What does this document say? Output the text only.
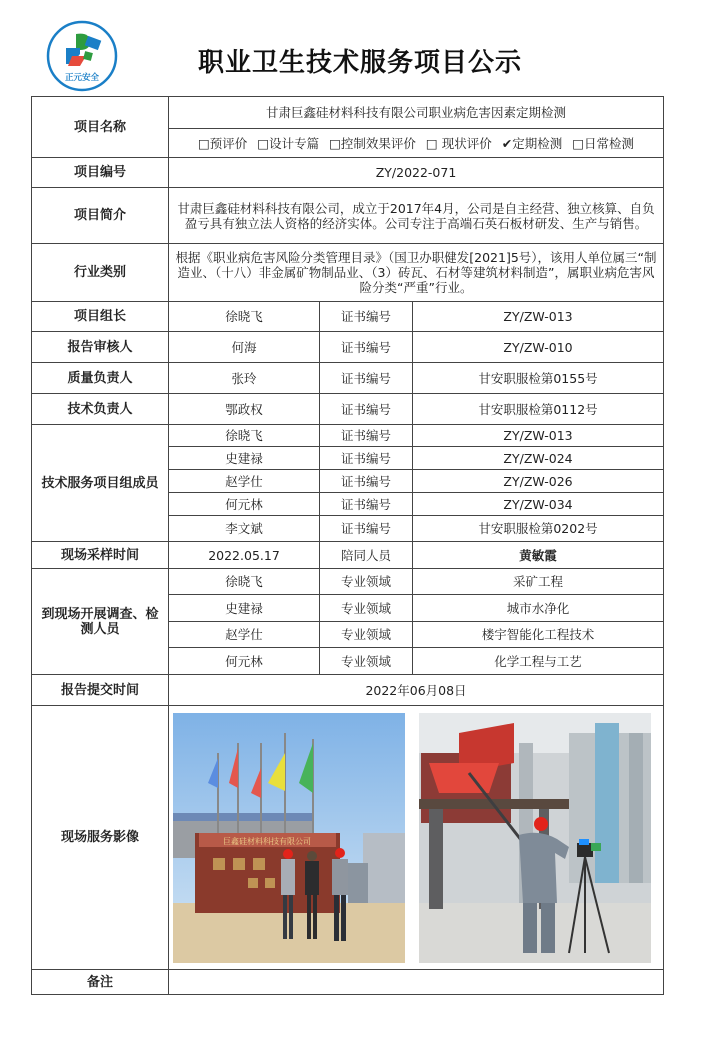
正元安全	职业卫生技术服务项目公示
项目名称	甘肃巨鑫硅材料科技有限公司职业病危害因素定期检测		
	□预评价 □设计专篇 □控制效果评价 □ 现状评价 ✔定期检测 □日常检测		
项目编号	ZY/2022-071		
项目简介	甘肃巨鑫硅材料科技有限公司，成立于2017年4月，公司是自主经营、独立核算、自负盈亏具有独立法人资格的经济实体。公司专注于高端石英石板材研发、生产与销售。		
行业类别	根据《职业病危害风险分类管理目录》（国卫办职健发[2021]5号），该用人单位属三“制造业、（十八）非金属矿物制品业、（3）砖瓦、石材等建筑材料制造”，属职业病危害风险分类“严重”行业。		
项目组长	徐晓飞	证书编号	ZY/ZW-013
报告审核人	何海	证书编号	ZY/ZW-010
质量负责人	张玲	证书编号	甘安职服检第0155号
技术负责人	鄂政权	证书编号	甘安职服检第0112号
技术服务项目组成员	徐晓飞	证书编号	ZY/ZW-013
	史建禄	证书编号	ZY/ZW-024
	赵学仕	证书编号	ZY/ZW-026
	何元林	证书编号	ZY/ZW-034
	李文斌	证书编号	甘安职服检第0202号
现场采样时间	2022.05.17	陪同人员	黄敏霞
到现场开展调查、检测人员	徐晓飞	专业领域	采矿工程
	史建禄	专业领域	城市水净化
	赵学仕	专业领域	楼宇智能化工程技术
	何元林	专业领域	化学工程与工艺
报告提交时间	2022年06月08日		
现场服务影像	巨鑫硅材料科技有限公司		

备注			
